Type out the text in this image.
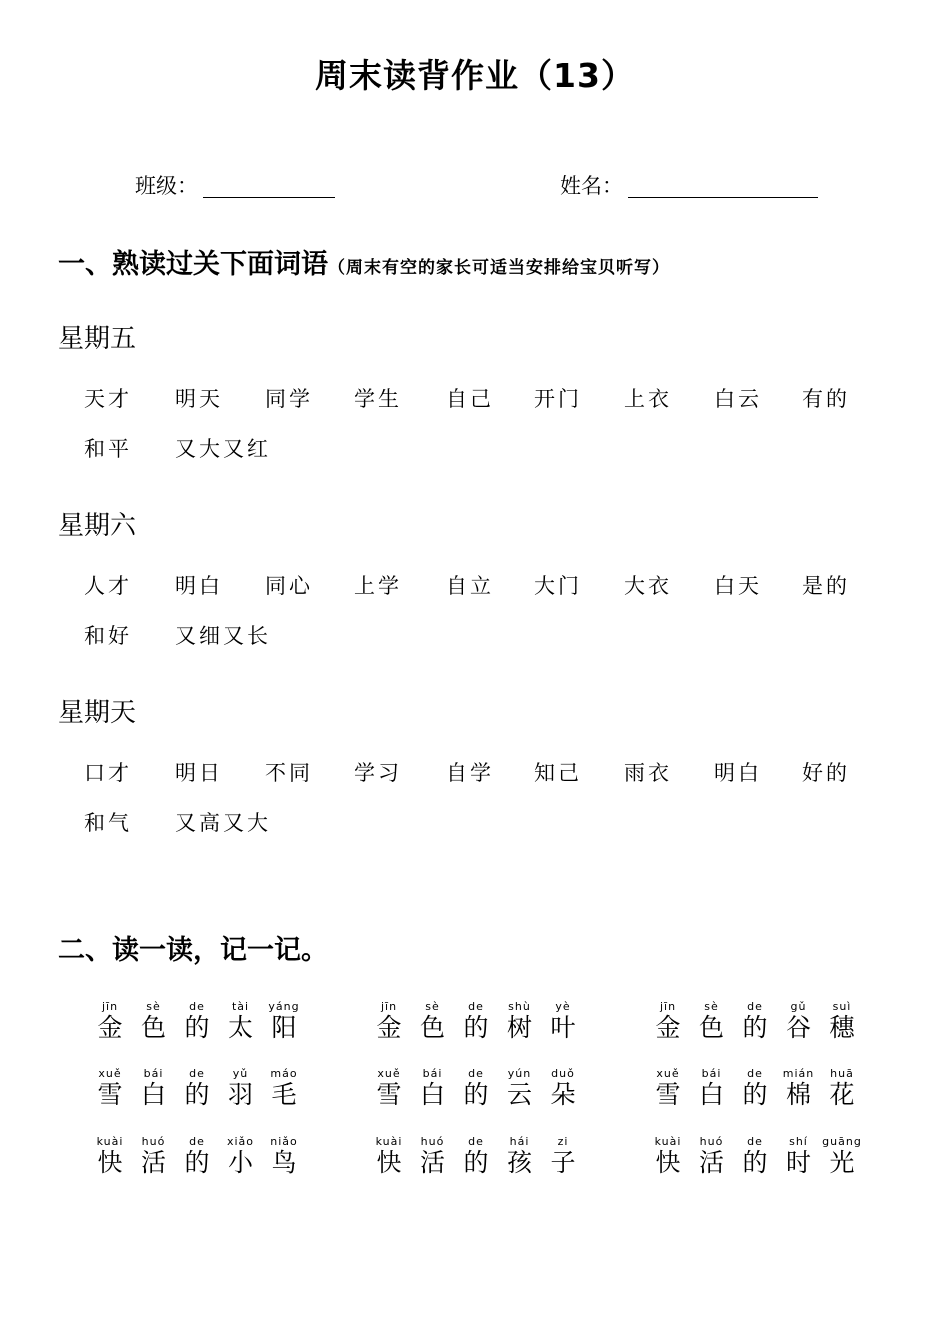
周末读背作业（13）
班级：	姓名：
一、熟读过关下面词语（周末有空的家长可适当安排给宝贝听写）
星期五
天才 明天 同学 学生 自己 开门 上衣 白云 有的
和平 又大又红
星期六
人才 明白 同心 上学 自立 大门 大衣 白天 是的
和好 又细又长
星期天
口才 明日 不同 学习 自学 知己 雨衣 明白 好的
和气 又高又大
二、读一读，记一记。
jīn
金
sè
色
de
的
tài
太
yáng
阳
jīn
金
sè
色
de
的
shù
树
yè
叶
jīn
金
sè
色
de
的
gǔ
谷
suì
穗
xuě
雪
bái
白
de
的
yǔ
羽
máo
毛
xuě
雪
bái
白
de
的
yún
云
duǒ
朵
xuě
雪
bái
白
de
的
mián
棉
huā
花
kuài
快
huó
活
de
的
xiǎo
小
niǎo
鸟
kuài
快
huó
活
de
的
hái
孩
zi
子
kuài
快
huó
活
de
的
shí
时
guāng
光
